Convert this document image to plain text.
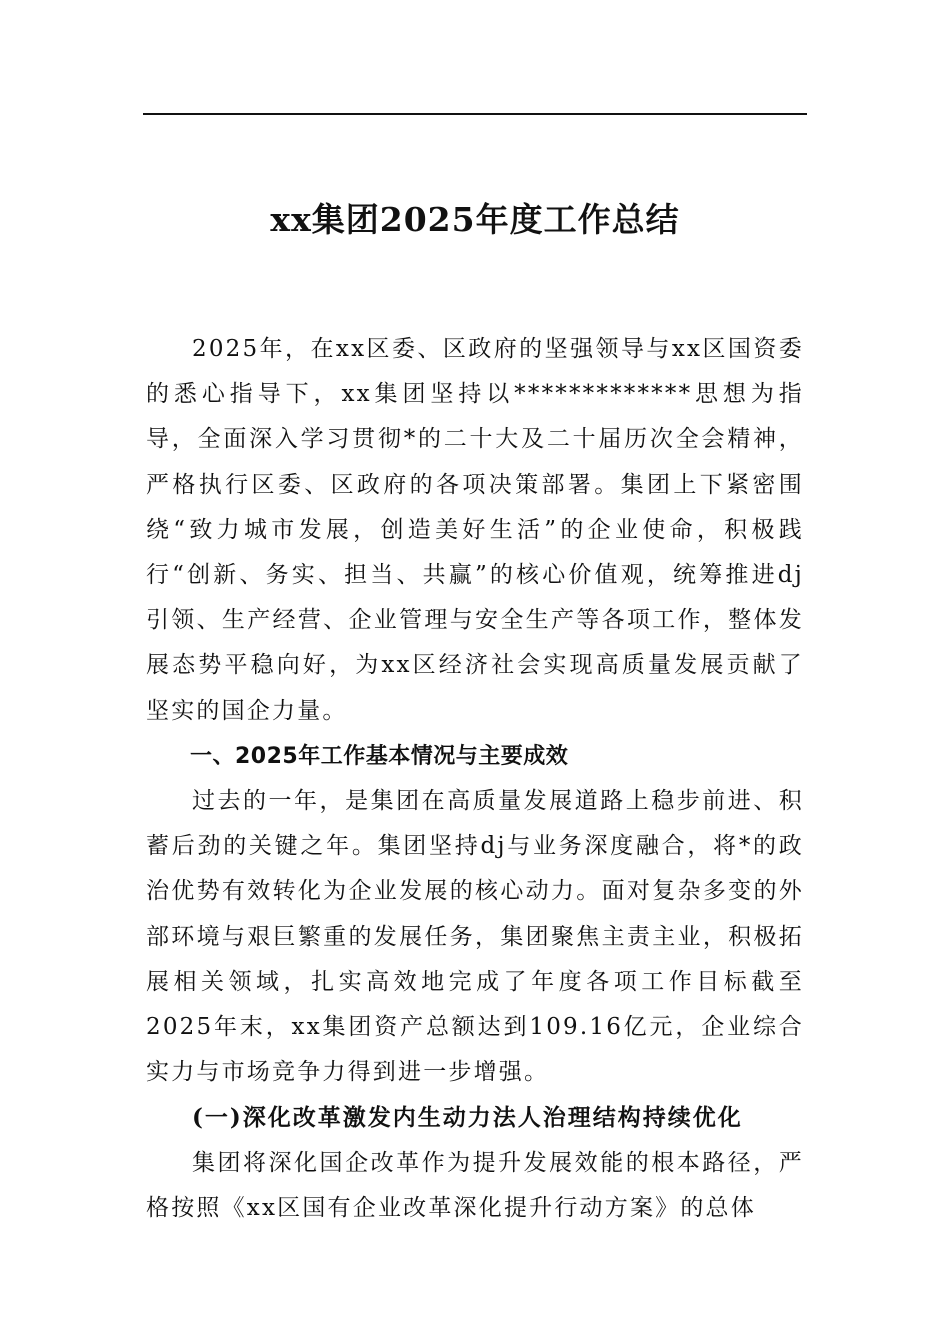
xx集团2025年度工作总结

2025年，在xx区委、区政府的坚强领导与xx区国资委的悉心指导下，xx集团坚持以*************思想为指导，全面深入学习贯彻*的二十大及二十届历次全会精神，严格执行区委、区政府的各项决策部署。集团上下紧密围绕“致力城市发展，创造美好生活”的企业使命，积极践行“创新、务实、担当、共赢”的核心价值观，统筹推进dj引领、生产经营、企业管理与安全生产等各项工作，整体发展态势平稳向好，为xx区经济社会实现高质量发展贡献了坚实的国企力量。

一、2025年工作基本情况与主要成效

过去的一年，是集团在高质量发展道路上稳步前进、积蓄后劲的关键之年。集团坚持dj与业务深度融合，将*的政治优势有效转化为企业发展的核心动力。面对复杂多变的外部环境与艰巨繁重的发展任务，集团聚焦主责主业，积极拓展相关领域，扎实高效地完成了年度各项工作目标截至2025年末，xx集团资产总额达到109.16亿元，企业综合实力与市场竞争力得到进一步增强。

(一)深化改革激发内生动力法人治理结构持续优化

集团将深化国企改革作为提升发展效能的根本路径，严格按照《xx区国有企业改革深化提升行动方案》的总体
